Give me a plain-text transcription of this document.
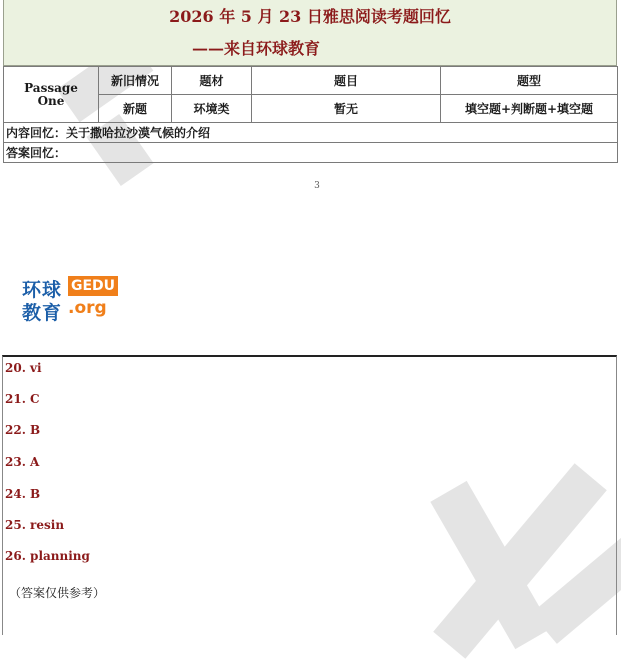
2026 年 5 月 23 日雅思阅读考题回忆
——来自环球教育
Passage
One	新旧情况	题材	题目	题型
	新题	环境类	暂无	填空题+判断题+填空题
内容回忆：关于撒哈拉沙漠气候的介绍				
答案回忆：				
3
环球 GEDU
教育 .org
20. vi
21. C
22. B
23. A
24. B
25. resin
26. planning
（答案仅供参考）
